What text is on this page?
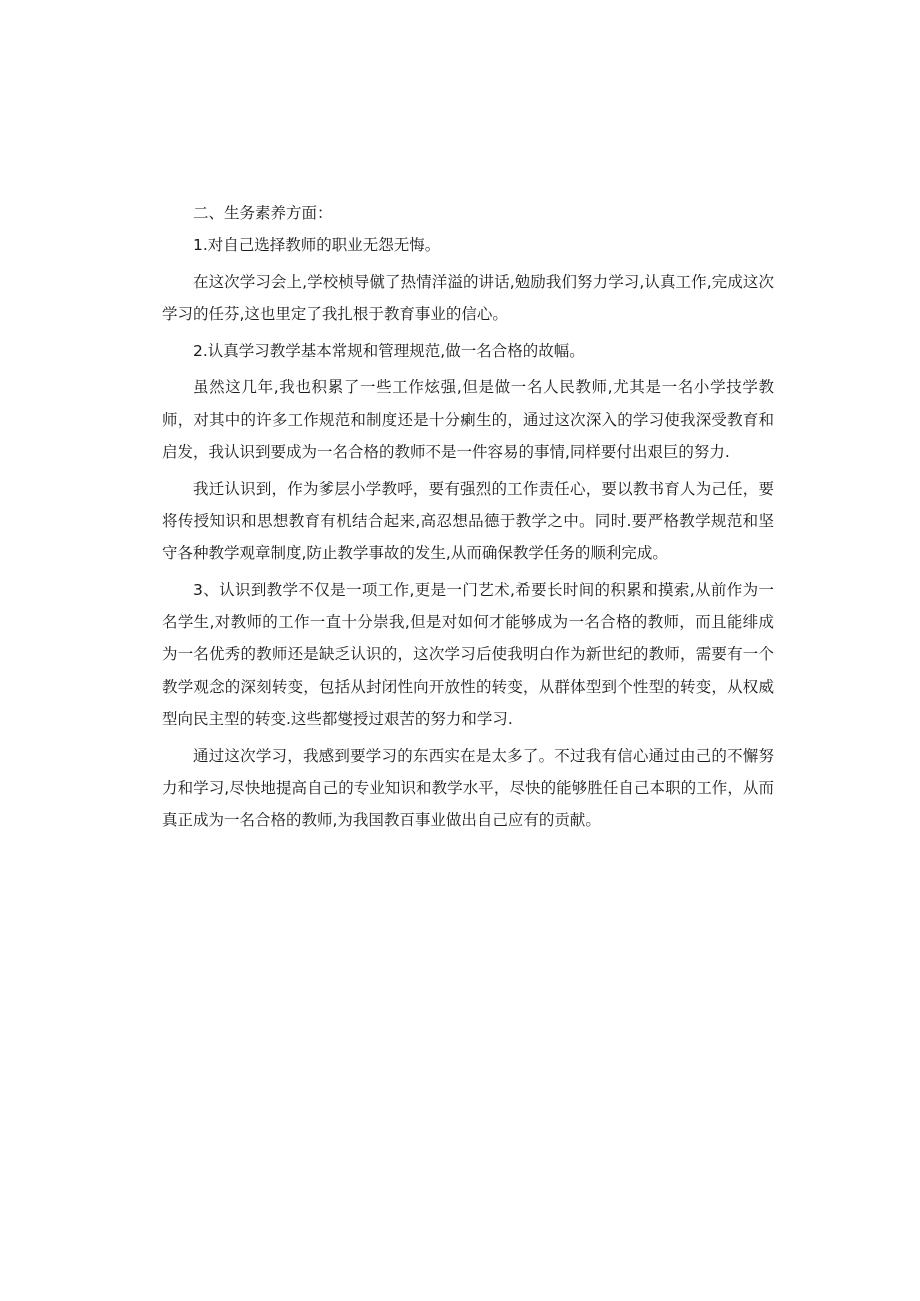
二、生务素养方面：

1.对自己选择教师的职业无怨无悔。

在这次学习会上,学校桢导僦了热情洋溢的讲话,勉励我们努力学习,认真工作,完成这次学习的任芬,这也里定了我扎根于教育事业的信心。

2.认真学习教学基本常规和管理规范,做一名合格的故幅。

虽然这几年,我也积累了一些工作炫强,但是做一名人民教师,尤其是一名小学技学教师，对其中的许多工作规范和制度还是十分瘌生的，通过这次深入的学习使我深受教育和启发，我认识到要成为一名合格的教师不是一件容易的事情,同样要付出艰巨的努力.

我迁认识到，作为爹层小学教呼，要有强烈的工作责任心，要以教书育人为己任，要将传授知识和思想教育有机结合起来,高忍想品德于教学之中。同时.要严格教学规范和坚守各种教学观章制度,防止教学事故的发生,从而确保教学任务的顺利完成。

3、认识到教学不仅是一项工作,更是一门艺术,希要长时间的积累和摸索,从前作为一名学生,对教师的工作一直十分崇我,但是对如何才能够成为一名合格的教师，而且能绯成为一名优秀的教师还是缺乏认识的，这次学习后使我明白作为新世纪的教师，需要有一个教学观念的深刻转变，包括从封闭性向开放性的转变，从群体型到个性型的转变，从权威型向民主型的转变.这些都燮授过艰苦的努力和学习.

通过这次学习，我感到要学习的东西实在是太多了。不过我有信心通过由己的不懈努力和学习,尽快地提高自己的专业知识和教学水平，尽快的能够胜任自己本职的工作，从而真正成为一名合格的教师,为我国教百事业做出自己应有的贡献。
